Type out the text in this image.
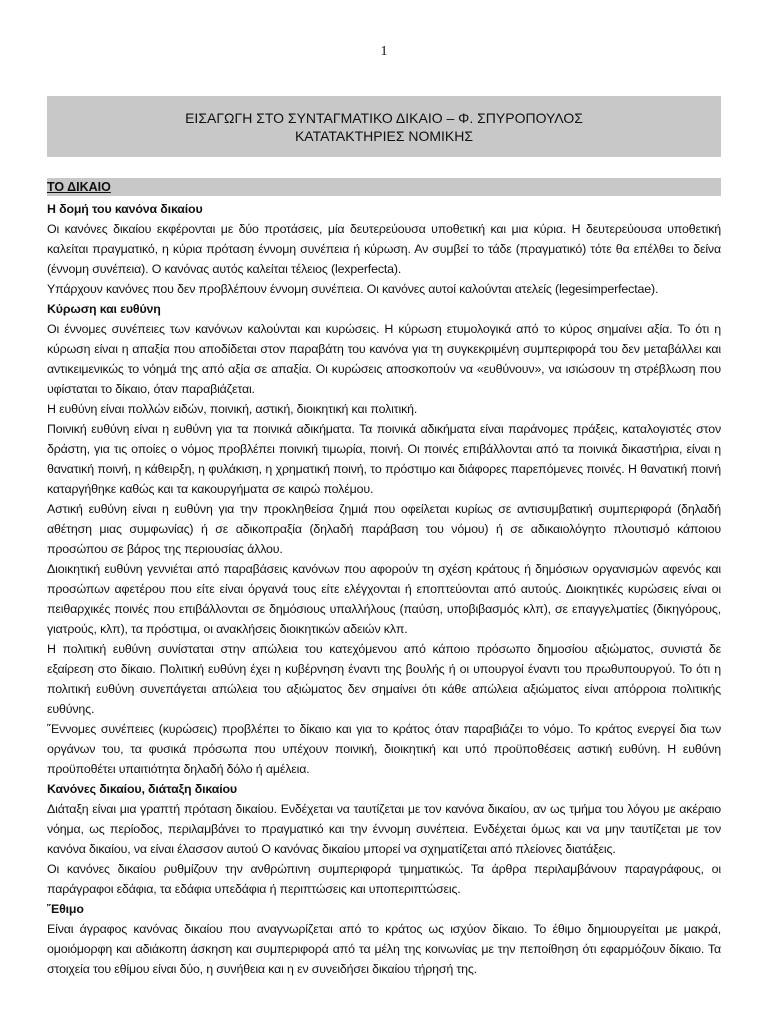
1
ΕΙΣΑΓΩΓΗ ΣΤΟ ΣΥΝΤΑΓΜΑΤΙΚΟ ΔΙΚΑΙΟ – Φ. ΣΠΥΡΟΠΟΥΛΟΣ
ΚΑΤΑΤΑΚΤΗΡΙΕΣ ΝΟΜΙΚΗΣ
ΤΟ ΔΙΚΑΙΟ
Η δομή του κανόνα δικαίου

Οι κανόνες δικαίου εκφέρονται με δύο προτάσεις, μία δευτερεύουσα υποθετική και μια κύρια. Η δευτερεύουσα υποθετική καλείται πραγματικό, η κύρια πρόταση έννομη συνέπεια ή κύρωση. Αν συμβεί το τάδε (πραγματικό) τότε θα επέλθει το δείνα (έννομη συνέπεια). Ο κανόνας αυτός καλείται τέλειος (lexperfecta).

Υπάρχουν κανόνες που δεν προβλέπουν έννομη συνέπεια. Οι κανόνες αυτοί καλούνται ατελείς (legesimperfectae).

Κύρωση και ευθύνη

Οι έννομες συνέπειες των κανόνων καλούνται και κυρώσεις. Η κύρωση ετυμολογικά από το κύρος σημαίνει αξία. Το ότι η κύρωση είναι η απαξία που αποδίδεται στον παραβάτη του κανόνα για τη συγκεκριμένη συμπεριφορά του δεν μεταβάλλει και αντικειμενικώς το νόημά της από αξία σε απαξία. Οι κυρώσεις αποσκοπούν να «ευθύνουν», να ισιώσουν τη στρέβλωση που υφίσταται το δίκαιο, όταν παραβιάζεται.

Η ευθύνη είναι πολλών ειδών, ποινική, αστική, διοικητική και πολιτική.

Ποινική ευθύνη είναι η ευθύνη για τα ποινικά αδικήματα. Τα ποινικά αδικήματα είναι παράνομες πράξεις, καταλογιστές στον δράστη, για τις οποίες ο νόμος προβλέπει ποινική τιμωρία, ποινή. Οι ποινές επιβάλλονται από τα ποινικά δικαστήρια, είναι η θανατική ποινή, η κάθειρξη, η φυλάκιση, η χρηματική ποινή, το πρόστιμο και διάφορες παρεπόμενες ποινές. Η θανατική ποινή καταργήθηκε καθώς και τα κακουργήματα σε καιρώ πολέμου.

Αστική ευθύνη είναι η ευθύνη για την προκληθείσα ζημιά που οφείλεται κυρίως σε αντισυμβατική συμπεριφορά (δηλαδή αθέτηση μιας συμφωνίας) ή σε αδικοπραξία (δηλαδή παράβαση του νόμου) ή σε αδικαιολόγητο πλουτισμό κάποιου προσώπου σε βάρος της περιουσίας άλλου.

Διοικητική ευθύνη γεννιέται από παραβάσεις κανόνων που αφορούν τη σχέση κράτους ή δημόσιων οργανισμών αφενός και προσώπων αφετέρου που είτε είναι όργανά τους είτε ελέγχονται ή εποπτεύονται από αυτούς. Διοικητικές κυρώσεις είναι οι πειθαρχικές ποινές που επιβάλλονται σε δημόσιους υπαλλήλους (παύση, υποβιβασμός κλπ), σε επαγγελματίες (δικηγόρους, γιατρούς, κλπ), τα πρόστιμα, οι ανακλήσεις διοικητικών αδειών κλπ.

Η πολιτική ευθύνη συνίσταται στην απώλεια του κατεχόμενου από κάποιο πρόσωπο δημοσίου αξιώματος, συνιστά δε εξαίρεση στο δίκαιο. Πολιτική ευθύνη έχει η κυβέρνηση έναντι της βουλής ή οι υπουργοί έναντι του πρωθυπουργού. Το ότι η πολιτική ευθύνη συνεπάγεται απώλεια του αξιώματος δεν σημαίνει ότι κάθε απώλεια αξιώματος είναι απόρροια πολιτικής ευθύνης.

῞Εννομες συνέπειες (κυρώσεις) προβλέπει το δίκαιο και για το κράτος όταν παραβιάζει το νόμο. Το κράτος ενεργεί δια των οργάνων του, τα φυσικά πρόσωπα που υπέχουν ποινική, διοικητική και υπό προϋποθέσεις αστική ευθύνη. Η ευθύνη προϋποθέτει υπαιτιότητα δηλαδή δόλο ή αμέλεια.

Κανόνες δικαίου, διάταξη δικαίου

Διάταξη είναι μια γραπτή πρόταση δικαίου. Ενδέχεται να ταυτίζεται με τον κανόνα δικαίου, αν ως τμήμα του λόγου με ακέραιο νόημα, ως περίοδος, περιλαμβάνει το πραγματικό και την έννομη συνέπεια. Ενδέχεται όμως και να μην ταυτίζεται με τον κανόνα δικαίου, να είναι έλασσον αυτού Ο κανόνας δικαίου μπορεί να σχηματίζεται από πλείονες διατάξεις.

Οι κανόνες δικαίου ρυθμίζουν την ανθρώπινη συμπεριφορά τμηματικώς. Τα άρθρα περιλαμβάνουν παραγράφους, οι παράγραφοι εδάφια, τα εδάφια υπεδάφια ή περιπτώσεις και υποπεριπτώσεις.

῎Εθιμο

Είναι άγραφος κανόνας δικαίου που αναγνωρίζεται από το κράτος ως ισχύον δίκαιο. Το έθιμο δημιουργείται με μακρά, ομοιόμορφη και αδιάκοπη άσκηση και συμπεριφορά από τα μέλη της κοινωνίας με την πεποίθηση ότι εφαρμόζουν δίκαιο. Τα στοιχεία του εθίμου είναι δύο, η συνήθεια και η εν συνειδήσει δικαίου τήρησή της.
